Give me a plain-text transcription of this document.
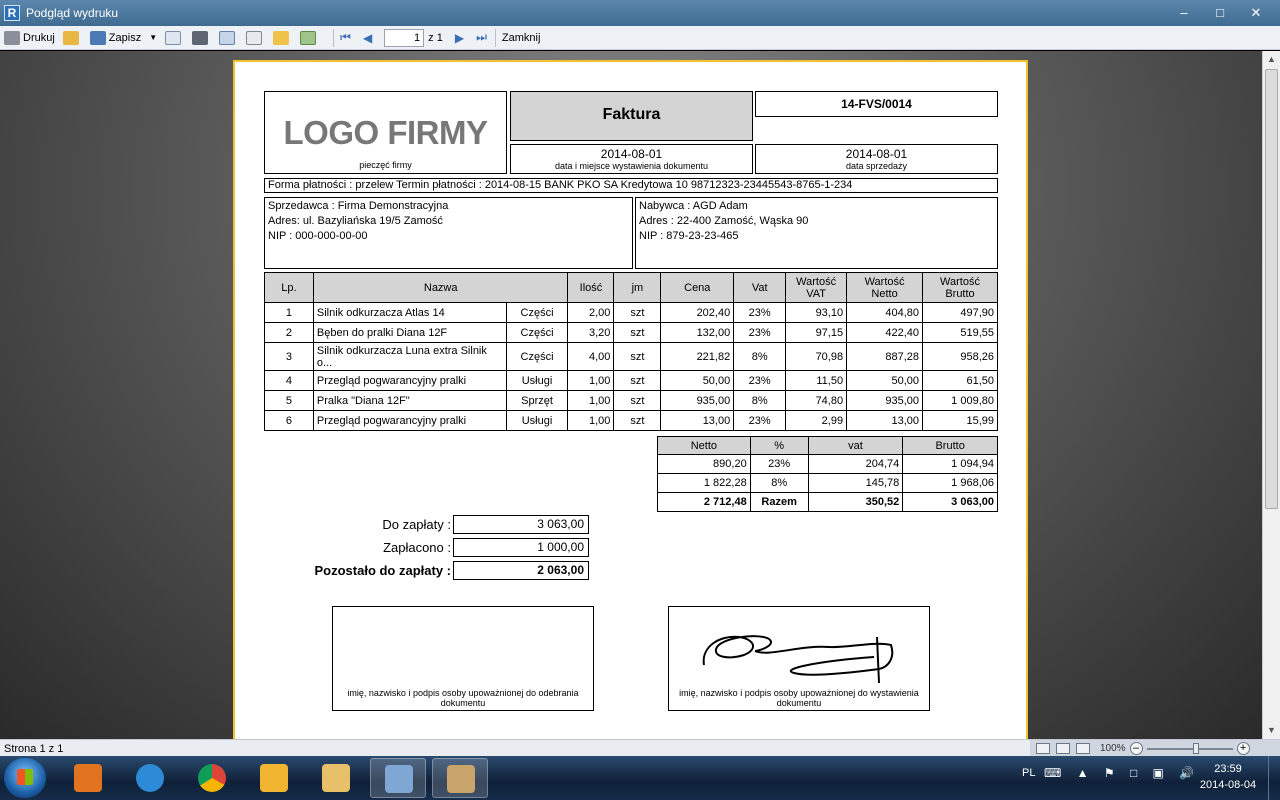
R Podgląd wydruku	–	□	✕
Drukuj	Zapisz ▼	⏮ ◀	1 z 1 ▶ ⏭ Zamknij
LOGO FIRMY
pieczęć firmy
Faktura
14-FVS/0014
2014-08-01
data i miejsce wystawienia dokumentu
2014-08-01
data sprzedaży
Forma płatności : przelew Termin płatności : 2014-08-15 BANK PKO SA Kredytowa 10 98712323-23445543-8765-1-234
Sprzedawca : Firma Demonstracyjna
Adres: ul. Bazyliańska 19/5 Zamość
NIP : 000-000-00-00
Nabywca : AGD Adam
Adres : 22-400 Zamość, Wąska 90
NIP : 879-23-23-465
Lp.	Nazwa		Ilość	jm	Cena	Vat	Wartość VAT	Wartość Netto	Wartość Brutto
1	Silnik odkurzacza Atlas 14	Części	2,00	szt	202,40	23%	93,10	404,80	497,90
2	Bęben do pralki Diana 12F	Części	3,20	szt	132,00	23%	97,15	422,40	519,55
3	Silnik odkurzacza Luna extra Silnik o...	Części	4,00	szt	221,82	8%	70,98	887,28	958,26
4	Przegląd pogwarancyjny pralki	Usługi	1,00	szt	50,00	23%	11,50	50,00	61,50
5	Pralka "Diana 12F"	Sprzęt	1,00	szt	935,00	8%	74,80	935,00	1 009,80
6	Przegląd pogwarancyjny pralki	Usługi	1,00	szt	13,00	23%	2,99	13,00	15,99
Netto	%	vat	Brutto
890,20	23%	204,74	1 094,94
1 822,28	8%	145,78	1 968,06
2 712,48	Razem	350,52	3 063,00
Do zapłaty :	3 063,00
Zapłacono :	1 000,00
Pozostało do zapłaty :	2 063,00
imię, nazwisko i podpis osoby upoważnionej do odebrania dokumentu
imię, nazwisko i podpis osoby upoważnionej do wystawienia dokumentu
▲
▼
Strona 1 z 1	100% –	+
PL ⌨ ▲ ⚑ □ ▣ 🔊	23:59
2014-08-04
